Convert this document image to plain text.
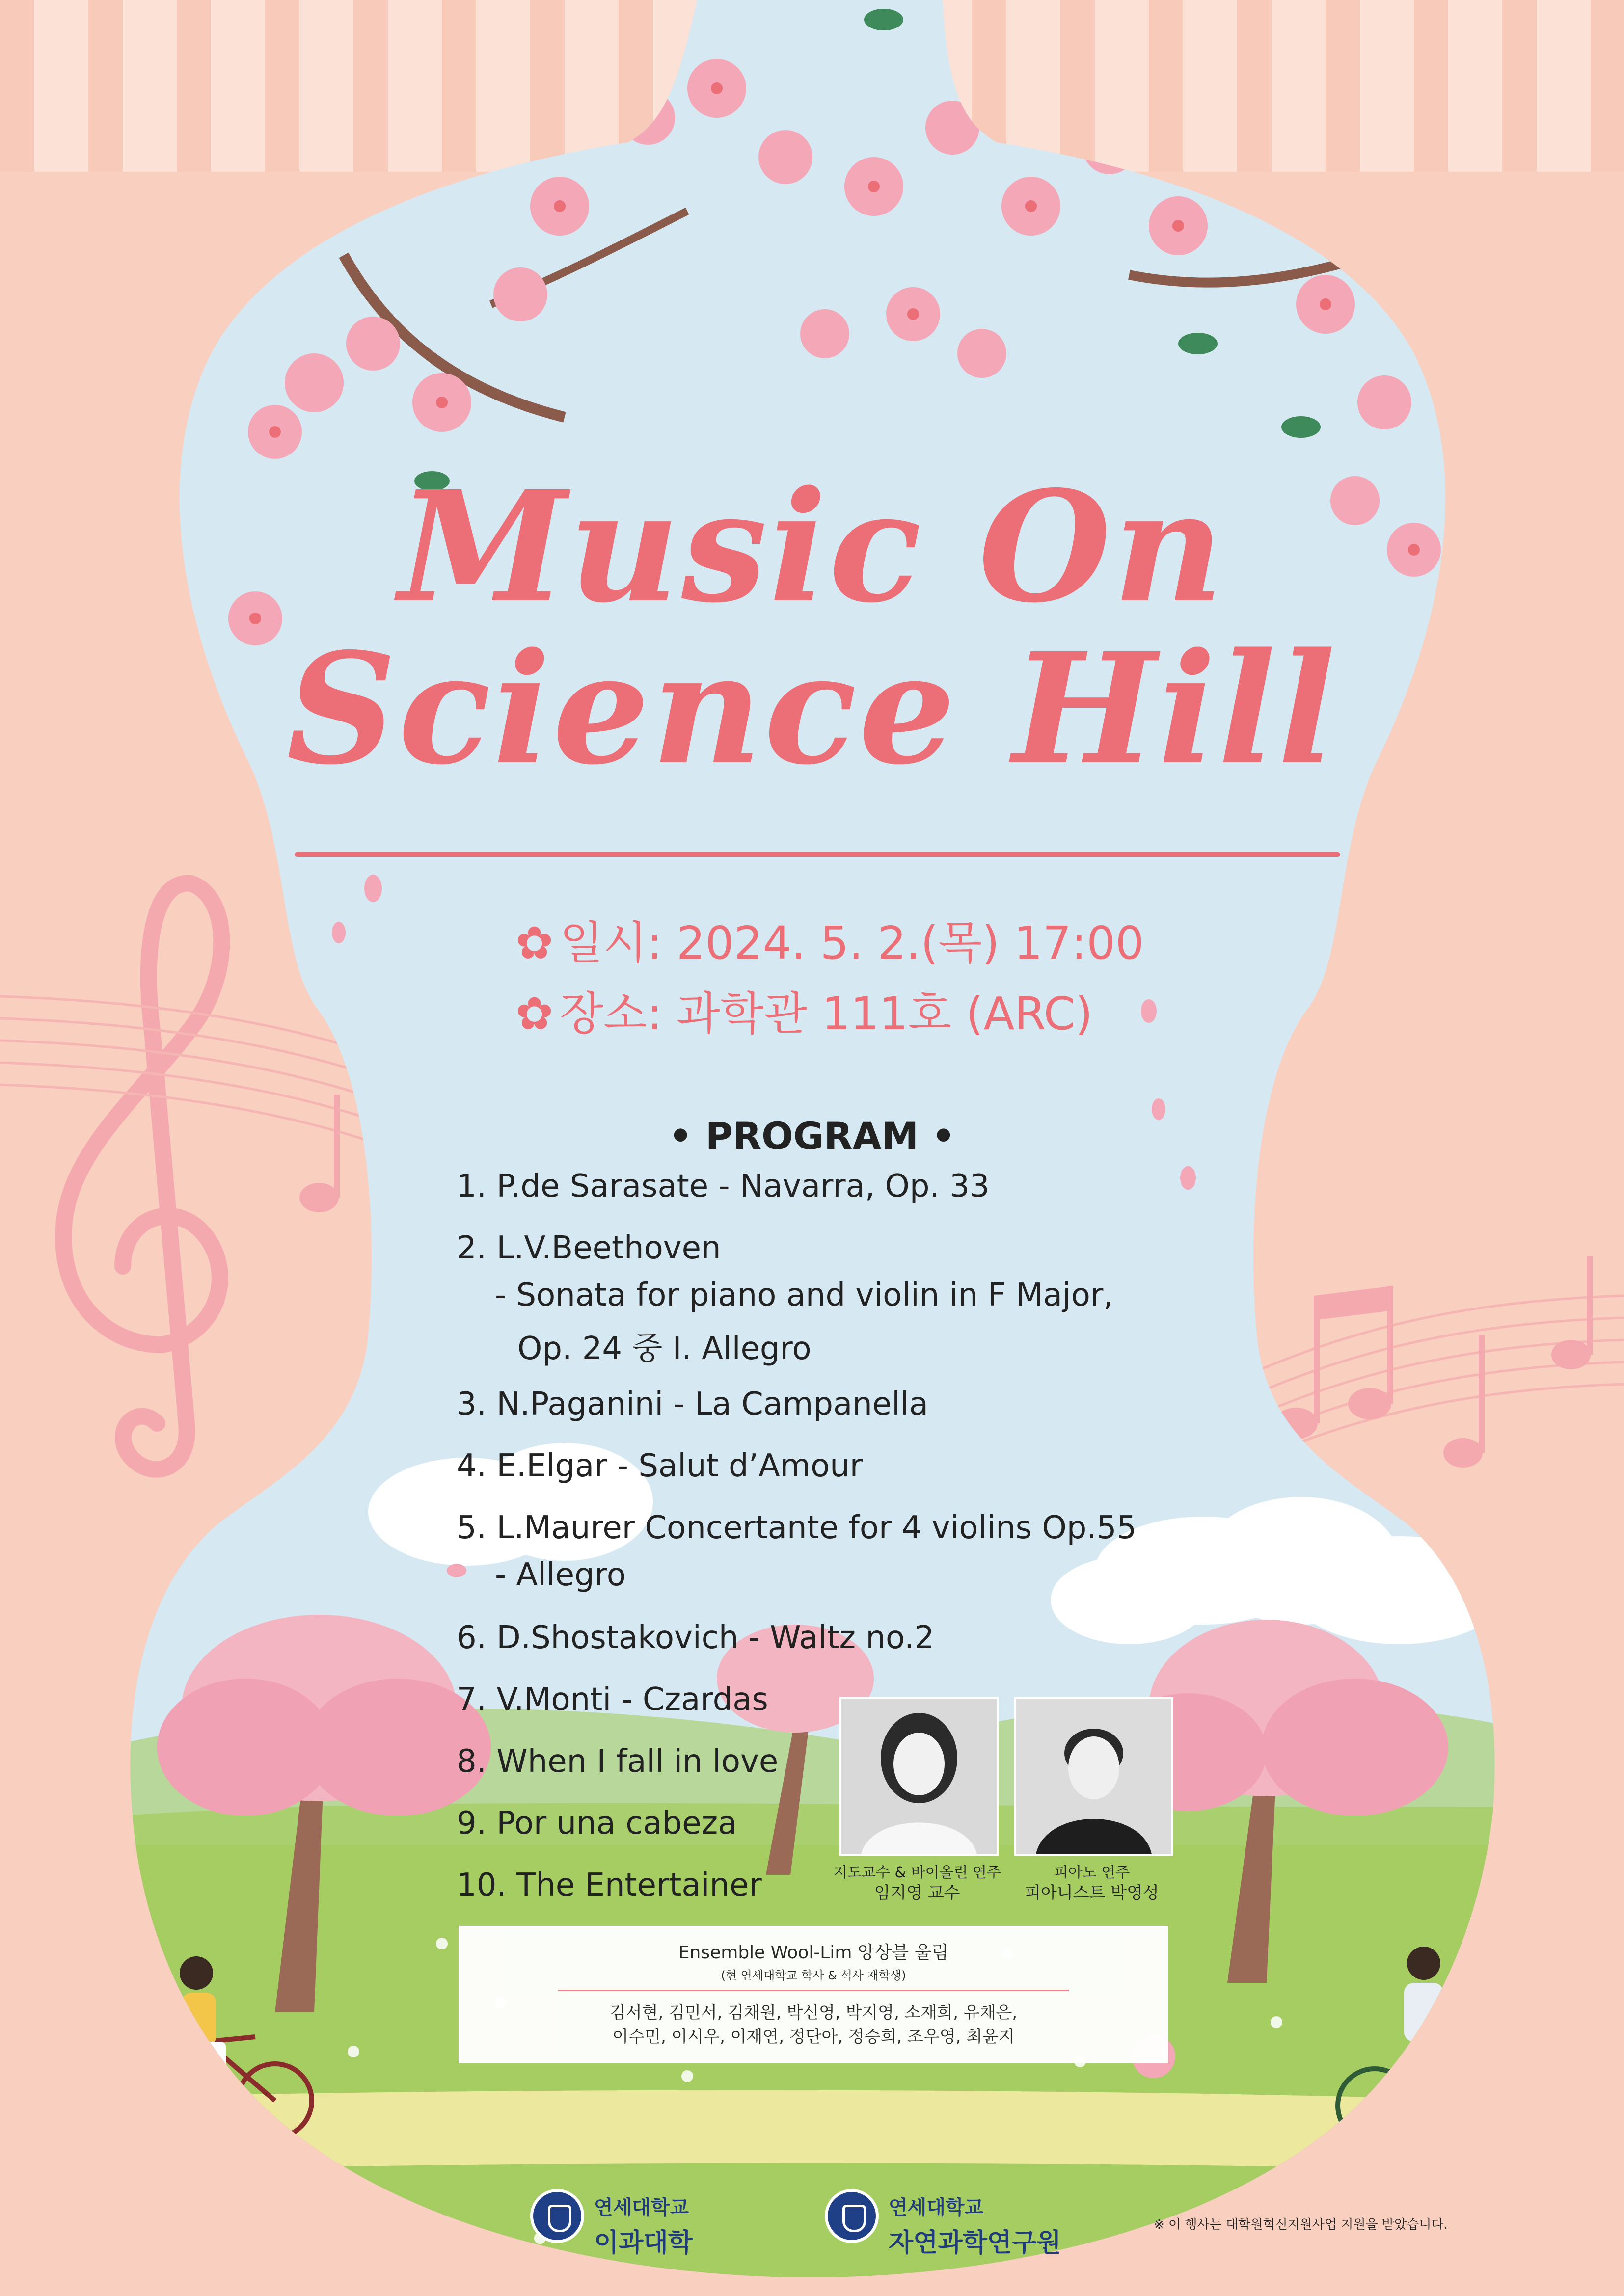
Music On
Science Hill
✿ 일시: 2024. 5. 2.(목) 17:00
✿ 장소: 과학관 111호 (ARC)
• PROGRAM •
1. P.de Sarasate - Navarra, Op. 33
2. L.V.Beethoven
- Sonata for piano and violin in F Major,
Op. 24 중 I. Allegro
3. N.Paganini - La Campanella
4. E.Elgar - Salut d’Amour
5. L.Maurer Concertante for 4 violins Op.55
- Allegro
6. D.Shostakovich - Waltz no.2
7. V.Monti - Czardas
8. When I fall in love
9. Por una cabeza
10. The Entertainer	지도교수 & 바이올린 연주
임지영 교수
피아노 연주
피아니스트 박영성
Ensemble Wool-Lim 앙상블 울림
(현 연세대학교 학사 & 석사 재학생)
김서현, 김민서, 김채원, 박신영, 박지영, 소재희, 유채은,
이수민, 이시우, 이재연, 정단아, 정승희, 조우영, 최윤지
연세대학교
이과대학
연세대학교
자연과학연구원
※ 이 행사는 대학원혁신지원사업 지원을 받았습니다.
